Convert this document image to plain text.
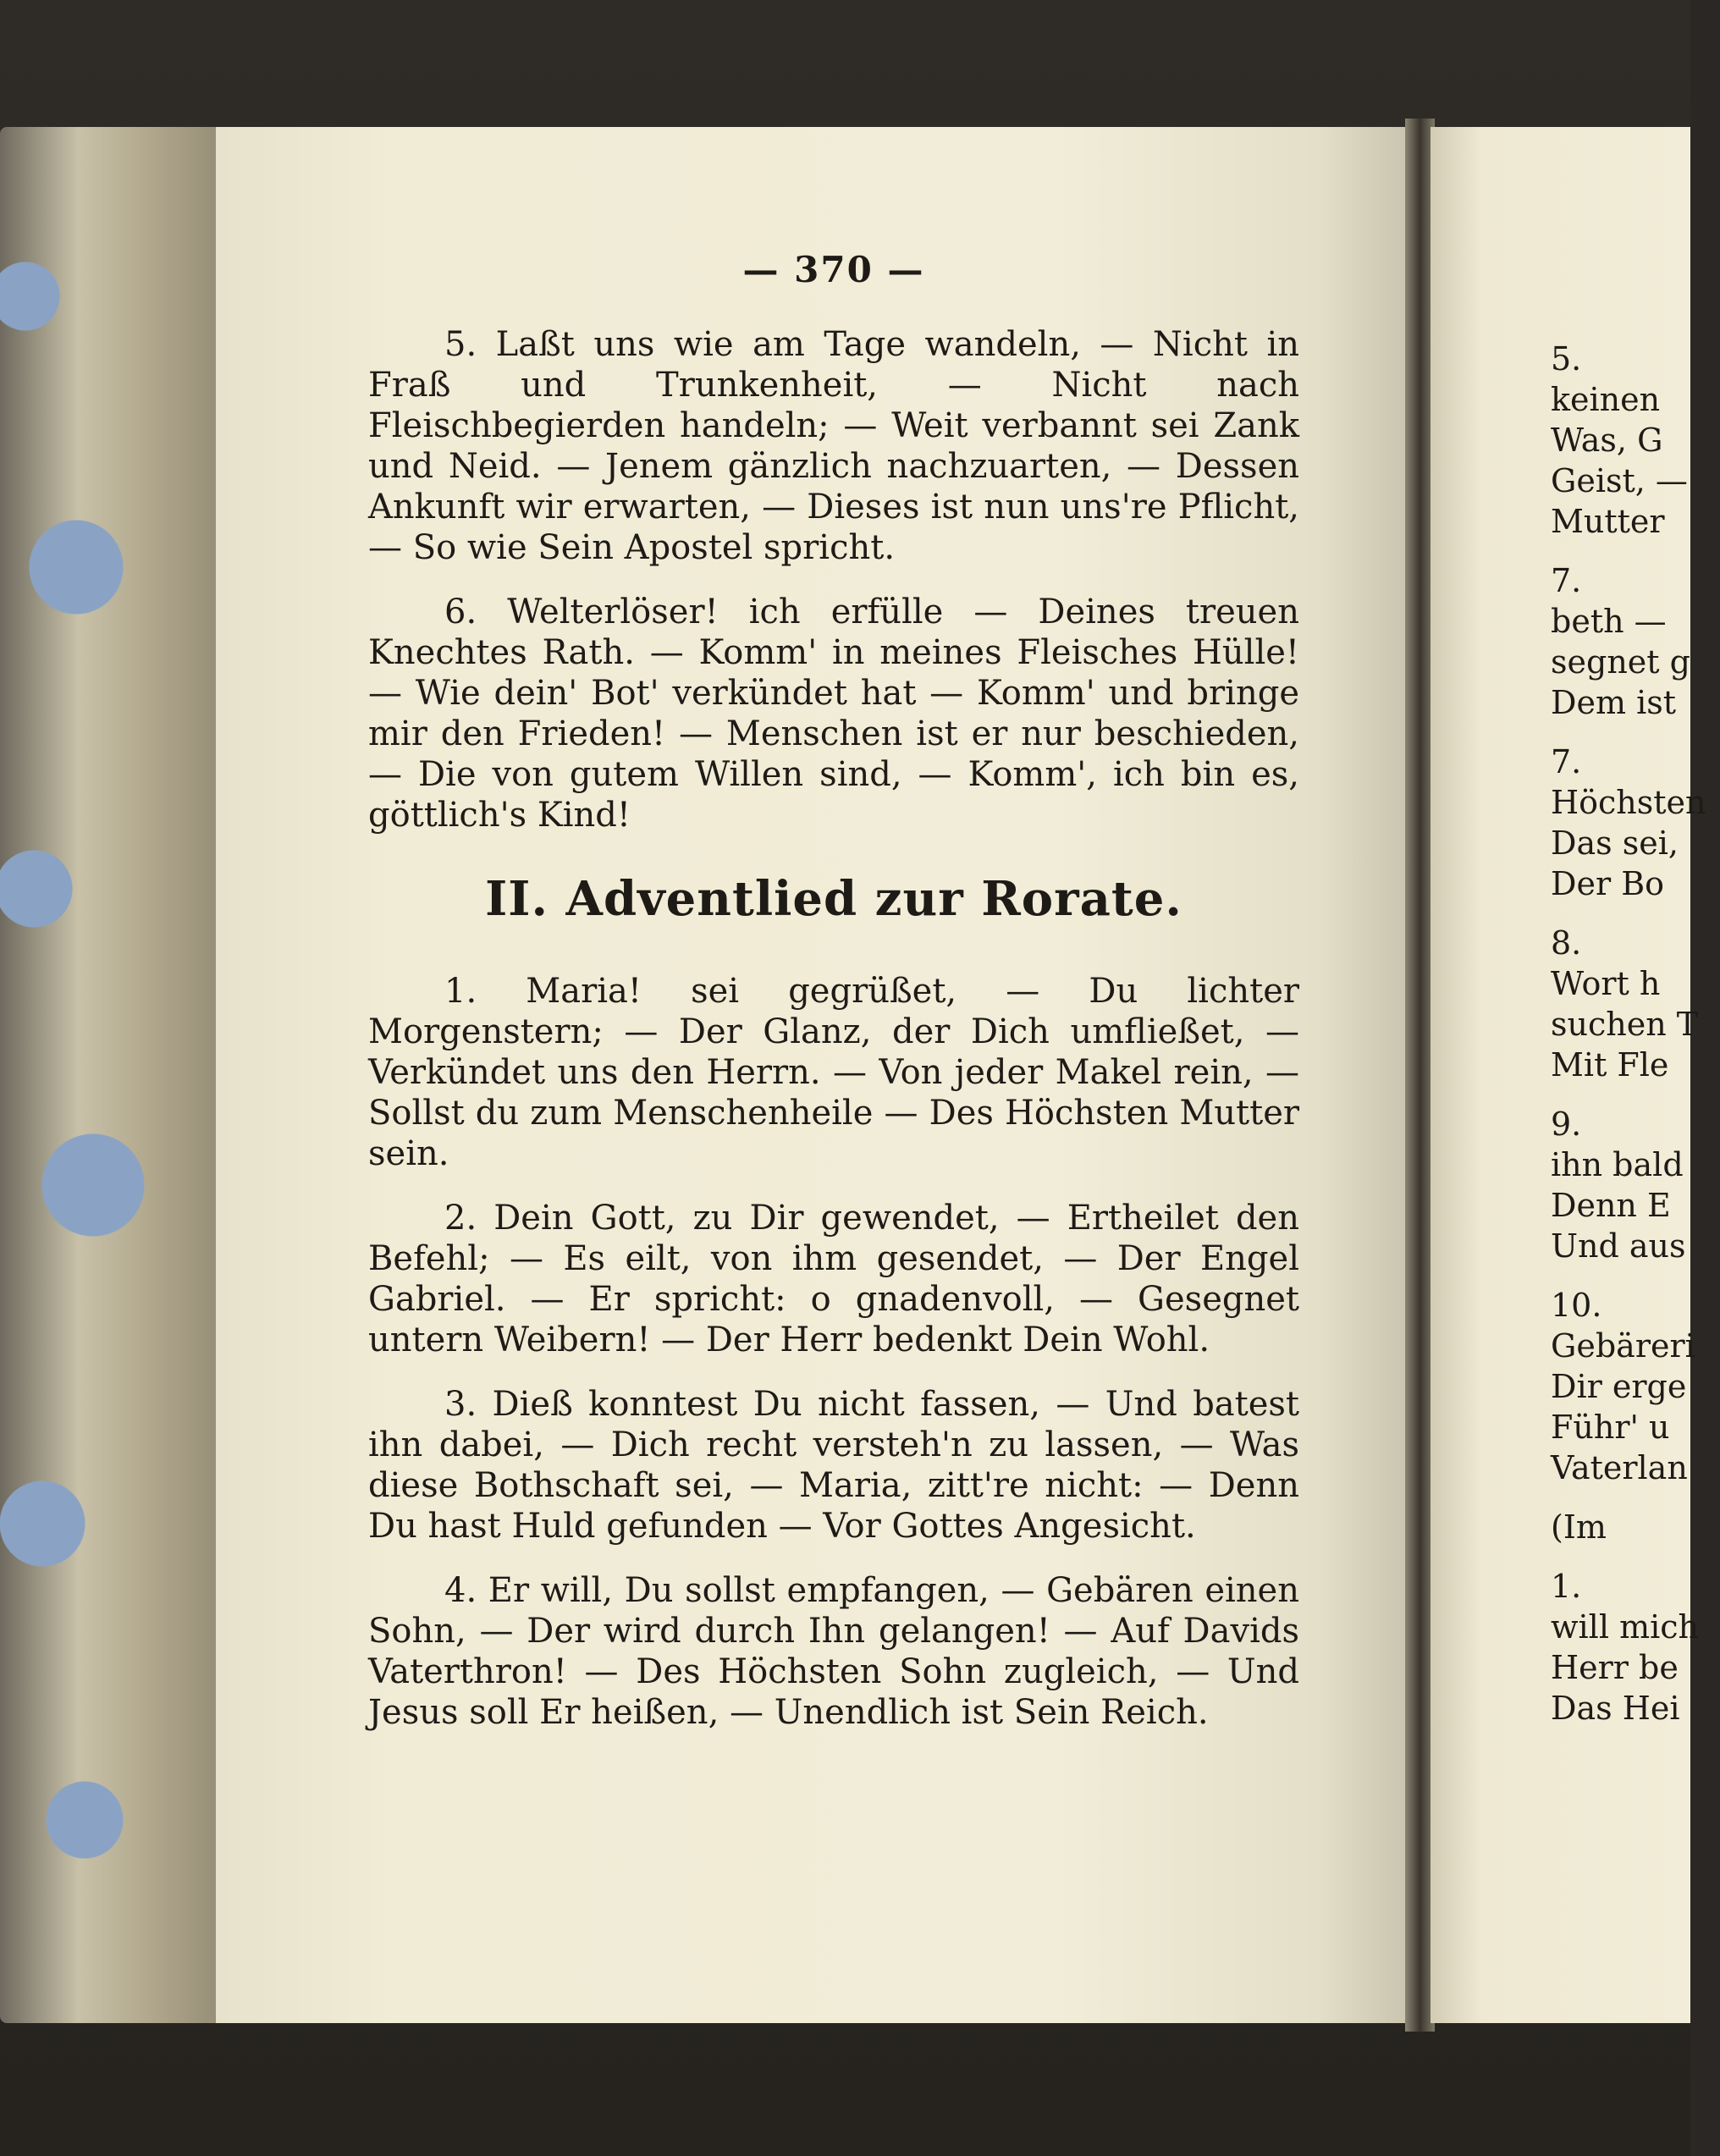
— 370 —

5. Laßt uns wie am Tage wandeln, — Nicht in Fraß und Trunkenheit, — Nicht nach Fleischbegierden handeln; — Weit verbannt sei Zank und Neid. — Jenem gänzlich nachzuarten, — Dessen Ankunft wir erwarten, — Dieses ist nun uns're Pflicht, — So wie Sein Apostel spricht.

6. Welterlöser! ich erfülle — Deines treuen Knechtes Rath. — Komm' in meines Fleisches Hülle! — Wie dein' Bot' verkündet hat — Komm' und bringe mir den Frieden! — Menschen ist er nur beschieden, — Die von gutem Willen sind, — Komm', ich bin es, göttlich's Kind!

II. Adventlied zur Rorate.

1. Maria! sei gegrüßet, — Du lichter Morgenstern; — Der Glanz, der Dich umfließet, — Verkündet uns den Herrn. — Von jeder Makel rein, — Sollst du zum Menschenheile — Des Höchsten Mutter sein.

2. Dein Gott, zu Dir gewendet, — Ertheilet den Befehl; — Es eilt, von ihm gesendet, — Der Engel Gabriel. — Er spricht: o gnadenvoll, — Gesegnet untern Weibern! — Der Herr bedenkt Dein Wohl.

3. Dieß konntest Du nicht fassen, — Und batest ihn dabei, — Dich recht versteh'n zu lassen, — Was diese Bothschaft sei, — Maria, zitt're nicht: — Denn Du hast Huld gefunden — Vor Gottes Angesicht.

4. Er will, Du sollst empfangen, — Gebären einen Sohn, — Der wird durch Ihn gelangen! — Auf Davids Vaterthron! — Des Höchsten Sohn zugleich, — Und Jesus soll Er heißen, — Unendlich ist Sein Reich.

5.
keinen
Was, G
Geist, —
Mutter
7.
beth —
segnet g
Dem ist
7.
Höchsten
Das sei,
Der Bo
8.
Wort h
suchen T
Mit Fle
9.
ihn bald
Denn E
Und aus
10.
Gebäreri
Dir erge
Führ' u
Vaterlan
(Im
1.
will mich
Herr be
Das Hei
